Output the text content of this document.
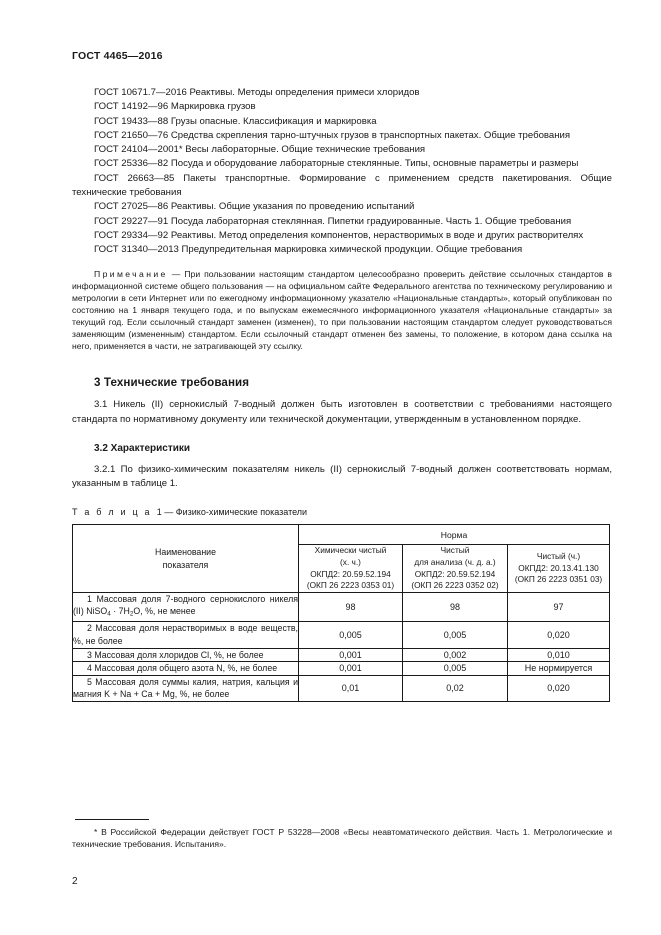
ГОСТ 4465—2016

ГОСТ 10671.7—2016 Реактивы. Методы определения примеси хлоридов

ГОСТ 14192—96 Маркировка грузов

ГОСТ 19433—88 Грузы опасные. Классификация и маркировка

ГОСТ 21650—76 Средства скрепления тарно-штучных грузов в транспортных пакетах. Общие требования

ГОСТ 24104—2001* Весы лабораторные. Общие технические требования

ГОСТ 25336—82 Посуда и оборудование лабораторные стеклянные. Типы, основные параметры и размеры

ГОСТ 26663—85 Пакеты транспортные. Формирование с применением средств пакетирования. Общие технические требования

ГОСТ 27025—86 Реактивы. Общие указания по проведению испытаний

ГОСТ 29227—91 Посуда лабораторная стеклянная. Пипетки градуированные. Часть 1. Общие требования

ГОСТ 29334—92 Реактивы. Метод определения компонентов, нерастворимых в воде и других растворителях

ГОСТ 31340—2013 Предупредительная маркировка химической продукции. Общие требования

Примечание — При пользовании настоящим стандартом целесообразно проверить действие ссылочных стандартов в информационной системе общего пользования — на официальном сайте Федерального агентства по техническому регулированию и метрологии в сети Интернет или по ежегодному информационному указателю «Национальные стандарты», который опубликован по состоянию на 1 января текущего года, и по выпускам ежемесячного информационного указателя «Национальные стандарты» за текущий год. Если ссылочный стандарт заменен (изменен), то при пользовании настоящим стандартом следует руководствоваться заменяющим (измененным) стандартом. Если ссылочный стандарт отменен без замены, то положение, в котором дана ссылка на него, применяется в части, не затрагивающей эту ссылку.
3 Технические требования

3.1 Никель (II) сернокислый 7-водный должен быть изготовлен в соответствии с требованиями настоящего стандарта по нормативному документу или технической документации, утвержденным в установленном порядке.

3.2 Характеристики

3.2.1 По физико-химическим показателям никель (II) сернокислый 7-водный должен соответствовать нормам, указанным в таблице 1.

Т а б л и ц а 1 — Физико-химические показатели
Наименование
показателя	Норма		
	Химически чистый
(х. ч.)
ОКПД2: 20.59.52.194
(ОКП 26 2223 0353 01)	Чистый
для анализа (ч. д. а.)
ОКПД2: 20.59.52.194
(ОКП 26 2223 0352 02)	Чистый (ч.)
ОКПД2: 20.13.41.130
(ОКП 26 2223 0351 03)
1 Массовая доля 7-водного сернокислого никеля (II) NiSO$_4$ · $7H_2O$, %, не менее	98	98	97
2 Массовая доля нерастворимых в воде веществ, %, не более	0,005	0,005	0,020
3 Массовая доля хлоридов Cl, %, не более	0,001	0,002	0,010
4 Массовая доля общего азота N, %, не более	0,001	0,005	Не нормируется
5 Массовая доля суммы калия, натрия, кальция и магния K + Na + Ca + Mg, %, не более	0,01	0,02	0,020
* В Российской Федерации действует ГОСТ Р 53228—2008 «Весы неавтоматического действия. Часть 1. Метрологические и технические требования. Испытания».
2
